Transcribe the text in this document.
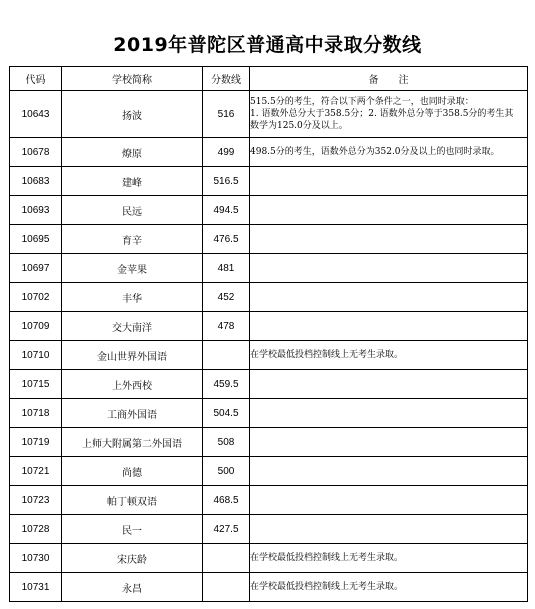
2019年普陀区普通高中录取分数线
代码	学校简称	分数线	备　　注
10643	扬波	516	515.5分的考生，符合以下两个条件之一，也同时录取：
1. 语数外总分大于358.5分；2. 语数外总分等于358.5分的考生其
数学为125.0分及以上。

10678	燎原	499	498.5分的考生，语数外总分为352.0分及以上的也同时录取。

10683	建峰	516.5	
10693	民远	494.5	
10695	育辛	476.5	
10697	金苹果	481	
10702	丰华	452	
10709	交大南洋	478	
10710	金山世界外国语		在学校最低投档控制线上无考生录取。

10715	上外西校	459.5	
10718	工商外国语	504.5	
10719	上师大附属第二外国语	508	
10721	尚德	500	
10723	帕丁顿双语	468.5	
10728	民一	427.5	
10730	宋庆龄		在学校最低投档控制线上无考生录取。

10731	永昌		在学校最低投档控制线上无考生录取。
